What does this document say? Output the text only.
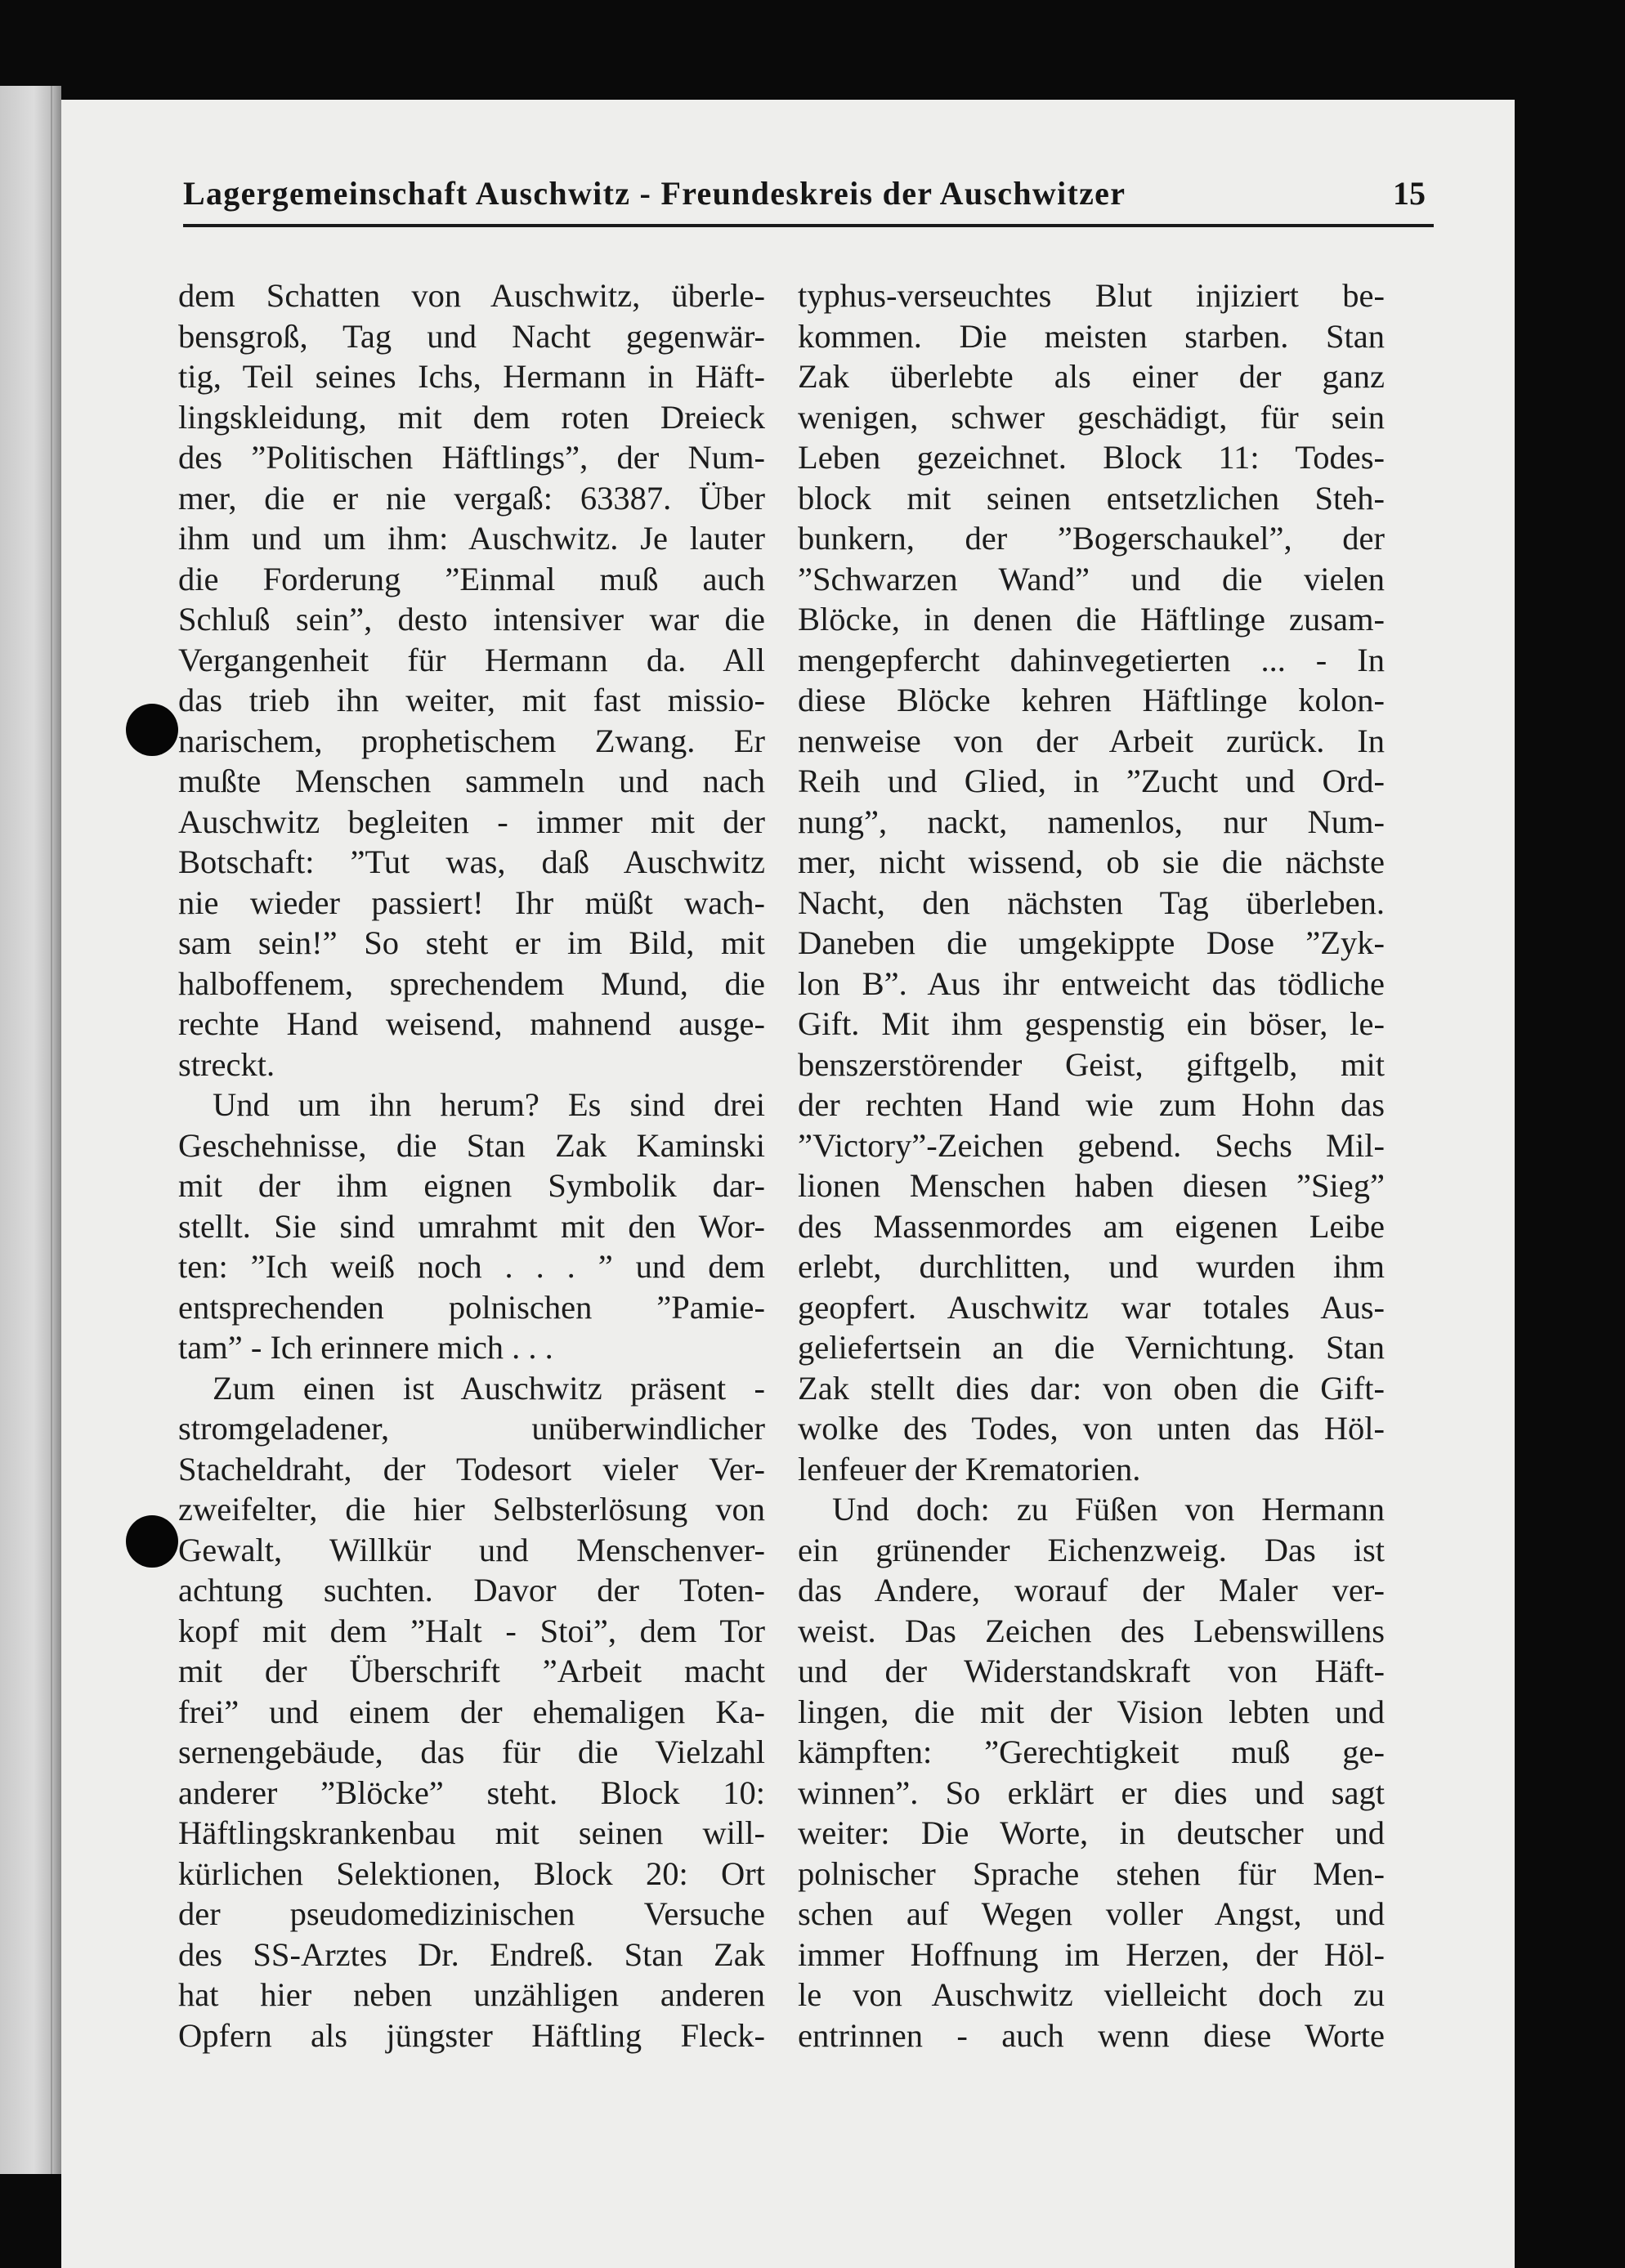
Lagergemeinschaft Auschwitz - Freundeskreis der Auschwitzer	15
dem Schatten von Auschwitz, überle-
bensgroß, Tag und Nacht gegenwär-
tig, Teil seines Ichs, Hermann in Häft-
lingskleidung, mit dem roten Dreieck
des ”Politischen Häftlings”, der Num-
mer, die er nie vergaß: 63387. Über
ihm und um ihm: Auschwitz. Je lauter
die Forderung ”Einmal muß auch
Schluß sein”, desto intensiver war die
Vergangenheit für Hermann da. All
das trieb ihn weiter, mit fast missio-
narischem, prophetischem Zwang. Er
mußte Menschen sammeln und nach
Auschwitz begleiten - immer mit der
Botschaft: ”Tut was, daß Auschwitz
nie wieder passiert! Ihr müßt wach-
sam sein!” So steht er im Bild, mit
halboffenem, sprechendem Mund, die
rechte Hand weisend, mahnend ausge-
streckt.
Und um ihn herum? Es sind drei
Geschehnisse, die Stan Zak Kaminski
mit der ihm eignen Symbolik dar-
stellt. Sie sind umrahmt mit den Wor-
ten: ”Ich weiß noch . . . ” und dem
entsprechenden polnischen ”Pamie-
tam” - Ich erinnere mich . . .
Zum einen ist Auschwitz präsent -
stromgeladener, unüberwindlicher
Stacheldraht, der Todesort vieler Ver-
zweifelter, die hier Selbsterlösung von
Gewalt, Willkür und Menschenver-
achtung suchten. Davor der Toten-
kopf mit dem ”Halt - Stoi”, dem Tor
mit der Überschrift ”Arbeit macht
frei” und einem der ehemaligen Ka-
sernengebäude, das für die Vielzahl
anderer ”Blöcke” steht. Block 10:
Häftlingskrankenbau mit seinen will-
kürlichen Selektionen, Block 20: Ort
der pseudomedizinischen Versuche
des SS-Arztes Dr. Endreß. Stan Zak
hat hier neben unzähligen anderen
Opfern als jüngster Häftling Fleck-
typhus-verseuchtes Blut injiziert be-
kommen. Die meisten starben. Stan
Zak überlebte als einer der ganz
wenigen, schwer geschädigt, für sein
Leben gezeichnet. Block 11: Todes-
block mit seinen entsetzlichen Steh-
bunkern, der ”Bogerschaukel”, der
”Schwarzen Wand” und die vielen
Blöcke, in denen die Häftlinge zusam-
mengepfercht dahinvegetierten ... - In
diese Blöcke kehren Häftlinge kolon-
nenweise von der Arbeit zurück. In
Reih und Glied, in ”Zucht und Ord-
nung”, nackt, namenlos, nur Num-
mer, nicht wissend, ob sie die nächste
Nacht, den nächsten Tag überleben.
Daneben die umgekippte Dose ”Zyk-
lon B”. Aus ihr entweicht das tödliche
Gift. Mit ihm gespenstig ein böser, le-
benszerstörender Geist, giftgelb, mit
der rechten Hand wie zum Hohn das
”Victory”-Zeichen gebend. Sechs Mil-
lionen Menschen haben diesen ”Sieg”
des Massenmordes am eigenen Leibe
erlebt, durchlitten, und wurden ihm
geopfert. Auschwitz war totales Aus-
geliefertsein an die Vernichtung. Stan
Zak stellt dies dar: von oben die Gift-
wolke des Todes, von unten das Höl-
lenfeuer der Krematorien.
Und doch: zu Füßen von Hermann
ein grünender Eichenzweig. Das ist
das Andere, worauf der Maler ver-
weist. Das Zeichen des Lebenswillens
und der Widerstandskraft von Häft-
lingen, die mit der Vision lebten und
kämpften: ”Gerechtigkeit muß ge-
winnen”. So erklärt er dies und sagt
weiter: Die Worte, in deutscher und
polnischer Sprache stehen für Men-
schen auf Wegen voller Angst, und
immer Hoffnung im Herzen, der Höl-
le von Auschwitz vielleicht doch zu
entrinnen - auch wenn diese Worte
